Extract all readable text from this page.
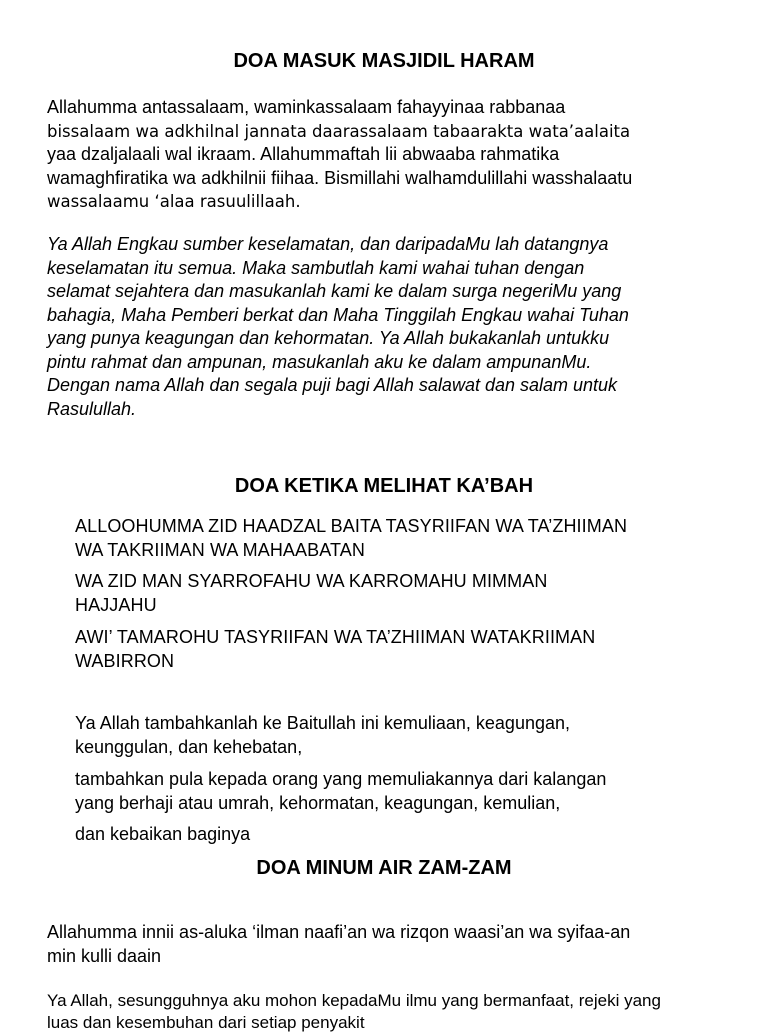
DOA MASUK MASJIDIL HARAM

Allahumma antassalaam, waminkassalaam fahayyinaa rabbanaa
bissalaam wa adkhilnal jannata daarassalaam tabaarakta wata’aalaita
yaa dzaljalaali wal ikraam. Allahummaftah lii abwaaba rahmatika
wamaghfiratika wa adkhilnii fiihaa. Bismillahi walhamdulillahi wasshalaatu
wassalaamu ‘alaa rasuulillaah.

Ya Allah Engkau sumber keselamatan, dan daripadaMu lah datangnya
keselamatan itu semua. Maka sambutlah kami wahai tuhan dengan
selamat sejahtera dan masukanlah kami ke dalam surga negeriMu yang
bahagia, Maha Pemberi berkat dan Maha Tinggilah Engkau wahai Tuhan
yang punya keagungan dan kehormatan. Ya Allah bukakanlah untukku
pintu rahmat dan ampunan, masukanlah aku ke dalam ampunanMu.
Dengan nama Allah dan segala puji bagi Allah salawat dan salam untuk
Rasulullah.

DOA KETIKA MELIHAT KA’BAH

ALLOOHUMMA ZID HAADZAL BAITA TASYRIIFAN WA TA’ZHIIMAN
WA TAKRIIMAN WA MAHAABATAN

WA ZID MAN SYARROFAHU WA KARROMAHU MIMMAN
HAJJAHU

AWI’ TAMAROHU TASYRIIFAN WA TA’ZHIIMAN WATAKRIIMAN
WABIRRON

Ya Allah tambahkanlah ke Baitullah ini kemuliaan, keagungan,
keunggulan, dan kehebatan,

tambahkan pula kepada orang yang memuliakannya dari kalangan
yang berhaji atau umrah, kehormatan, keagungan, kemulian,

dan kebaikan baginya

DOA MINUM AIR ZAM-ZAM

Allahumma innii as-aluka ‘ilman naafi’an wa rizqon waasi’an wa syifaa-an
min kulli daain

Ya Allah, sesungguhnya aku mohon kepadaMu ilmu yang bermanfaat, rejeki yang
luas dan kesembuhan dari setiap penyakit
